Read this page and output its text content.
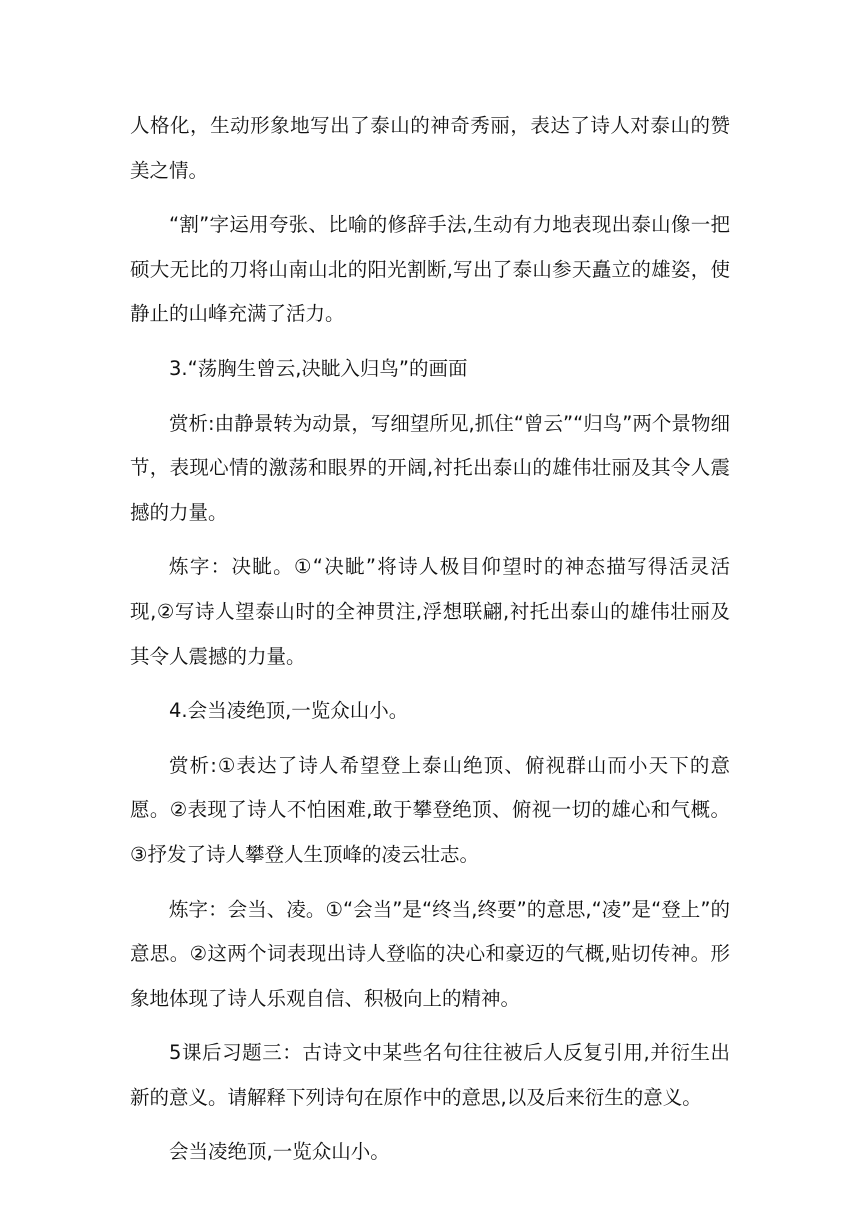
人格化，生动形象地写出了泰山的神奇秀丽，表达了诗人对泰山的赞美之情。

“割”字运用夸张、比喻的修辞手法,生动有力地表现出泰山像一把硕大无比的刀将山南山北的阳光割断,写出了泰山参天矗立的雄姿，使静止的山峰充满了活力。

3.“荡胸生曾云,决眦入归鸟”的画面

赏析:由静景转为动景，写细望所见,抓住“曾云”“归鸟”两个景物细节，表现心情的激荡和眼界的开阔,衬托出泰山的雄伟壮丽及其令人震撼的力量。

炼字：决眦。①“决眦”将诗人极目仰望时的神态描写得活灵活现,②写诗人望泰山时的全神贯注,浮想联翩,衬托出泰山的雄伟壮丽及其令人震撼的力量。

4.会当凌绝顶,一览众山小。

赏析:①表达了诗人希望登上泰山绝顶、俯视群山而小天下的意愿。②表现了诗人不怕困难,敢于攀登绝顶、俯视一切的雄心和气概。③抒发了诗人攀登人生顶峰的凌云壮志。

炼字：会当、凌。①“会当”是“终当,终要”的意思,“凌”是“登上”的意思。②这两个词表现出诗人登临的决心和豪迈的气概,贴切传神。形象地体现了诗人乐观自信、积极向上的精神。

5课后习题三：古诗文中某些名句往往被后人反复引用,并衍生出新的意义。请解释下列诗句在原作中的意思,以及后来衍生的意义。

会当凌绝顶,一览众山小。
